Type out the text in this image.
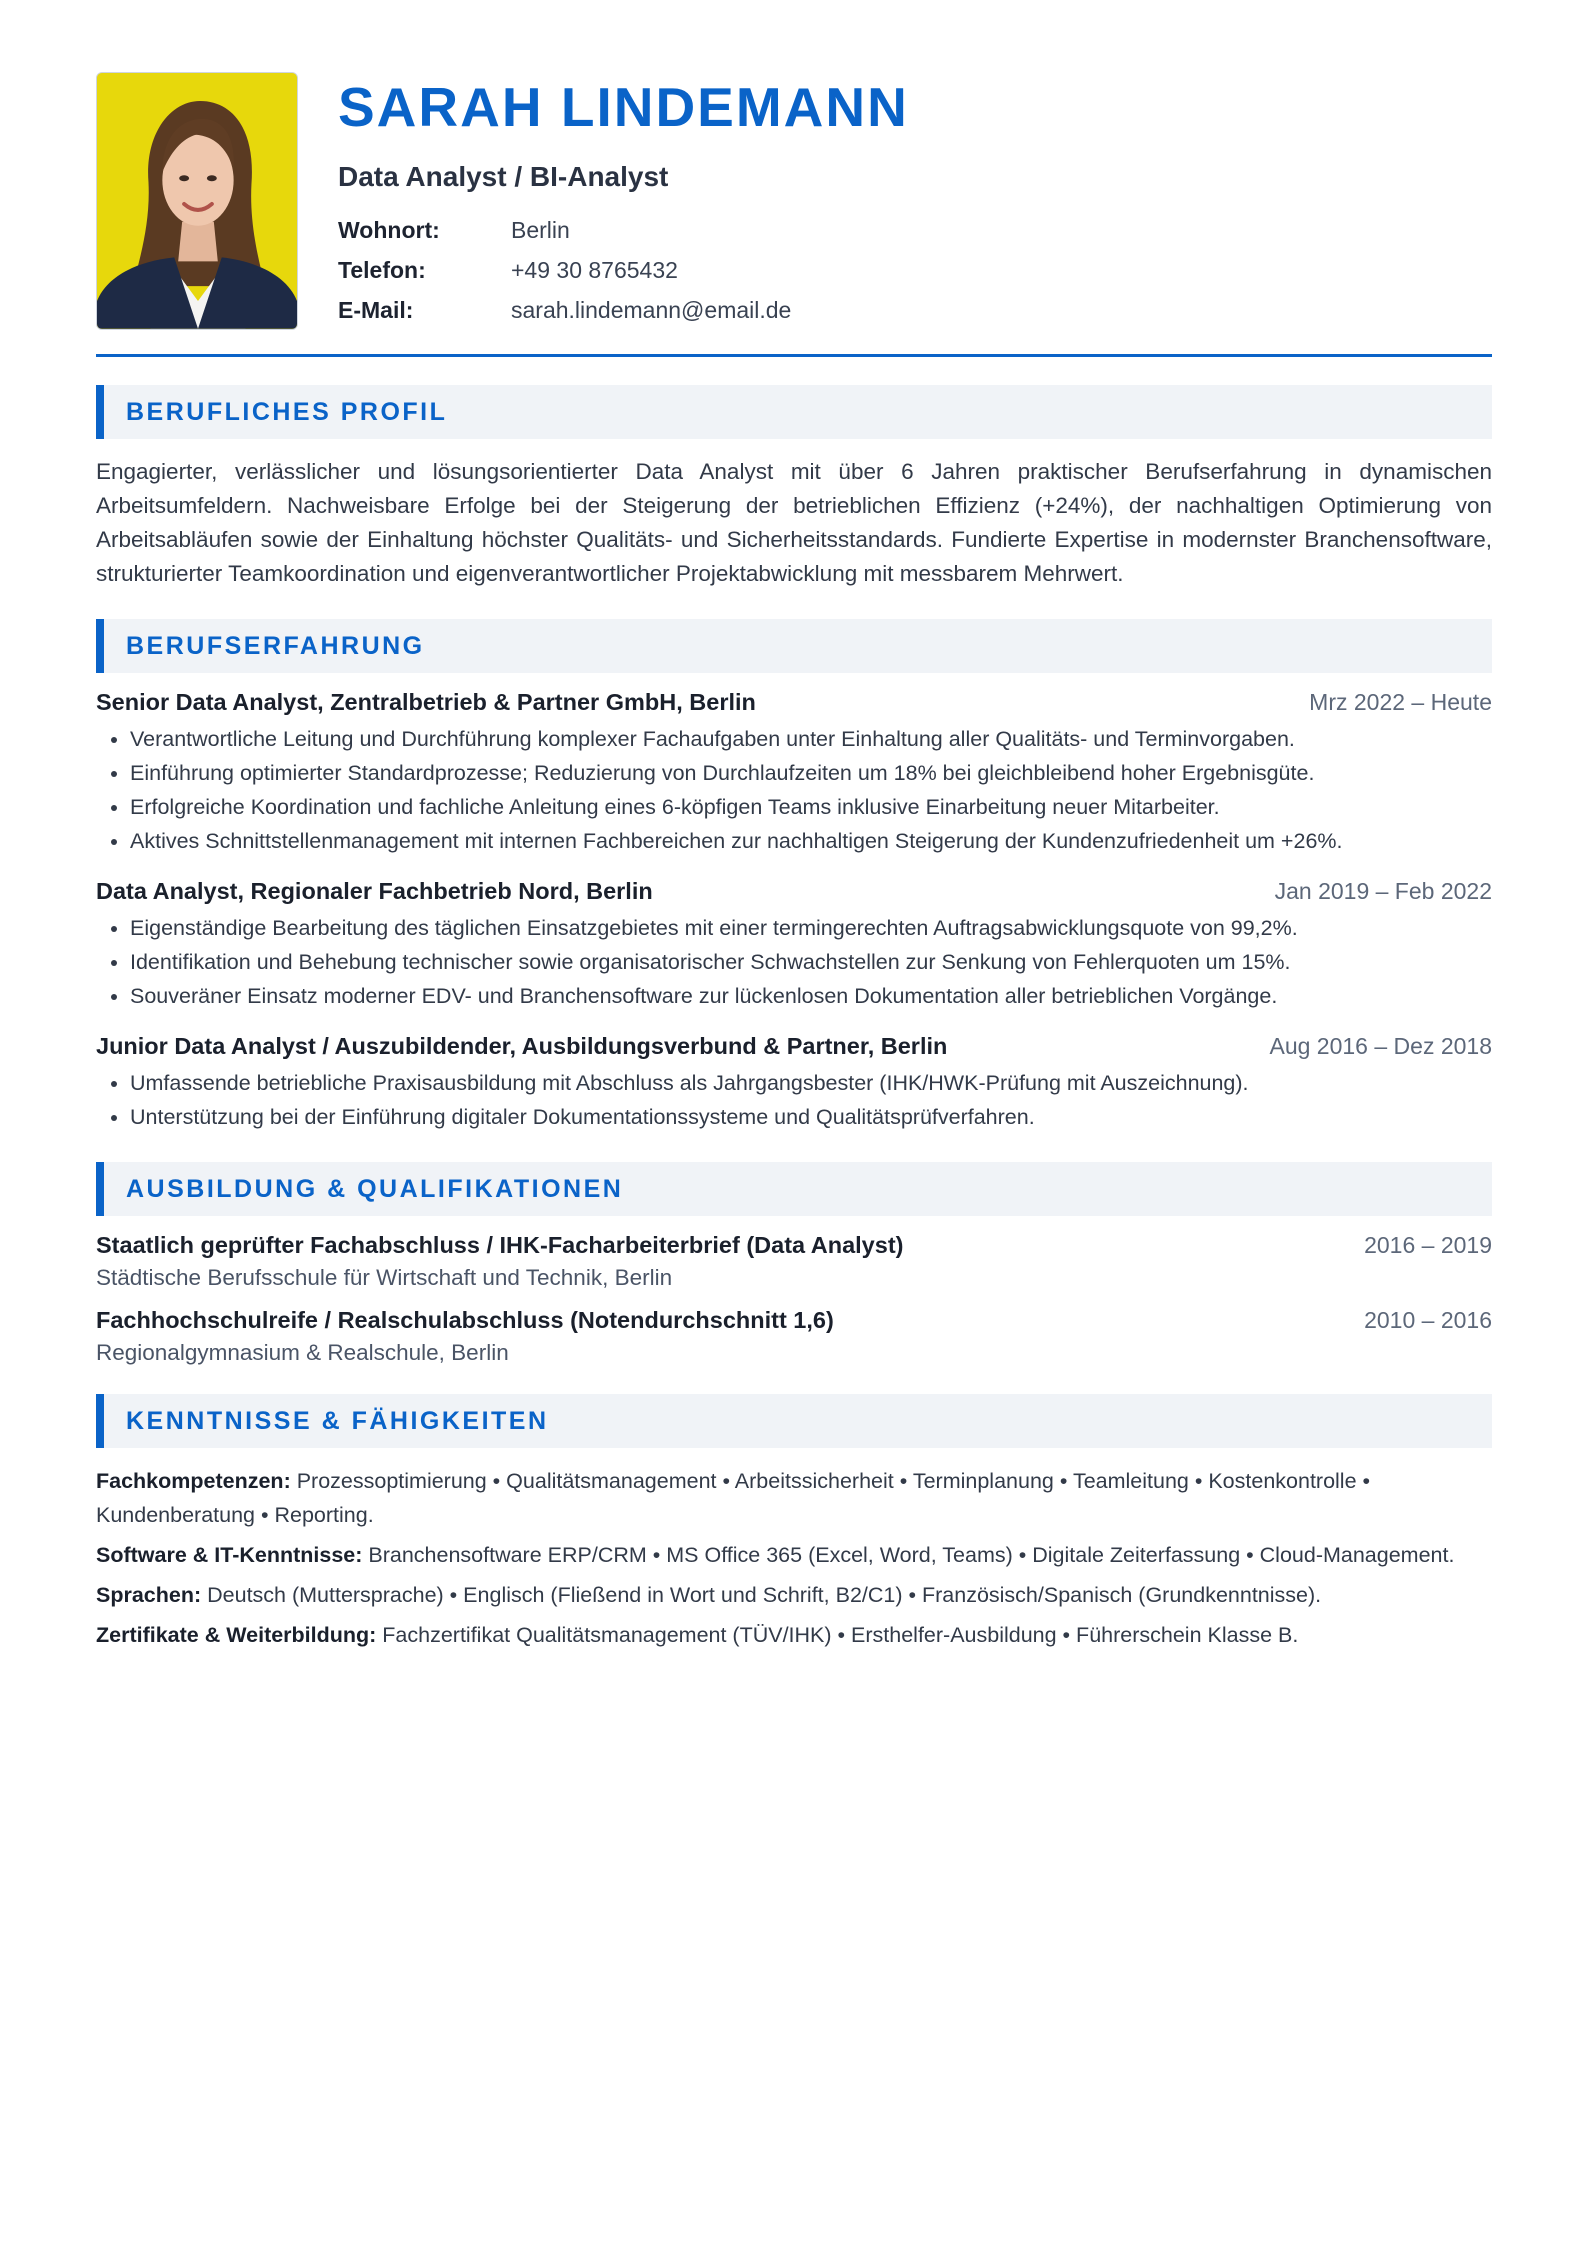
SARAH LINDEMANN
Data Analyst / BI-Analyst
Wohnort:	Berlin
Telefon:	+49 30 8765432
E-Mail:	sarah.lindemann@email.de
BERUFLICHES PROFIL
Engagierter, verlässlicher und lösungsorientierter Data Analyst mit über 6 Jahren praktischer Berufserfahrung in dynamischen Arbeitsumfeldern. Nachweisbare Erfolge bei der Steigerung der betrieblichen Effizienz (+24%), der nachhaltigen Optimierung von Arbeitsabläufen sowie der Einhaltung höchster Qualitäts- und Sicherheitsstandards. Fundierte Expertise in modernster Branchensoftware, strukturierter Teamkoordination und eigenverantwortlicher Projektabwicklung mit messbarem Mehrwert.
BERUFSERFAHRUNG
Senior Data Analyst, Zentralbetrieb & Partner GmbH, Berlin	Mrz 2022 – Heute
• Verantwortliche Leitung und Durchführung komplexer Fachaufgaben unter Einhaltung aller Qualitäts- und Terminvorgaben.
• Einführung optimierter Standardprozesse; Reduzierung von Durchlaufzeiten um 18% bei gleichbleibend hoher Ergebnisgüte.
• Erfolgreiche Koordination und fachliche Anleitung eines 6-köpfigen Teams inklusive Einarbeitung neuer Mitarbeiter.
• Aktives Schnittstellenmanagement mit internen Fachbereichen zur nachhaltigen Steigerung der Kundenzufriedenheit um +26%.
Data Analyst, Regionaler Fachbetrieb Nord, Berlin	Jan 2019 – Feb 2022
• Eigenständige Bearbeitung des täglichen Einsatzgebietes mit einer termingerechten Auftragsabwicklungsquote von 99,2%.
• Identifikation und Behebung technischer sowie organisatorischer Schwachstellen zur Senkung von Fehlerquoten um 15%.
• Souveräner Einsatz moderner EDV- und Branchensoftware zur lückenlosen Dokumentation aller betrieblichen Vorgänge.
Junior Data Analyst / Auszubildender, Ausbildungsverbund & Partner, Berlin	Aug 2016 – Dez 2018
• Umfassende betriebliche Praxisausbildung mit Abschluss als Jahrgangsbester (IHK/HWK-Prüfung mit Auszeichnung).
• Unterstützung bei der Einführung digitaler Dokumentationssysteme und Qualitätsprüfverfahren.
AUSBILDUNG & QUALIFIKATIONEN
Staatlich geprüfter Fachabschluss / IHK-Facharbeiterbrief (Data Analyst)	2016 – 2019
Städtische Berufsschule für Wirtschaft und Technik, Berlin
Fachhochschulreife / Realschulabschluss (Notendurchschnitt 1,6)	2010 – 2016
Regionalgymnasium & Realschule, Berlin
KENNTNISSE & FÄHIGKEITEN
Fachkompetenzen: Prozessoptimierung • Qualitätsmanagement • Arbeitssicherheit • Terminplanung • Teamleitung • Kostenkontrolle • Kundenberatung • Reporting.
Software & IT-Kenntnisse: Branchensoftware ERP/CRM • MS Office 365 (Excel, Word, Teams) • Digitale Zeiterfassung • Cloud-Management.
Sprachen: Deutsch (Muttersprache) • Englisch (Fließend in Wort und Schrift, B2/C1) • Französisch/Spanisch (Grundkenntnisse).
Zertifikate & Weiterbildung: Fachzertifikat Qualitätsmanagement (TÜV/IHK) • Ersthelfer-Ausbildung • Führerschein Klasse B.
